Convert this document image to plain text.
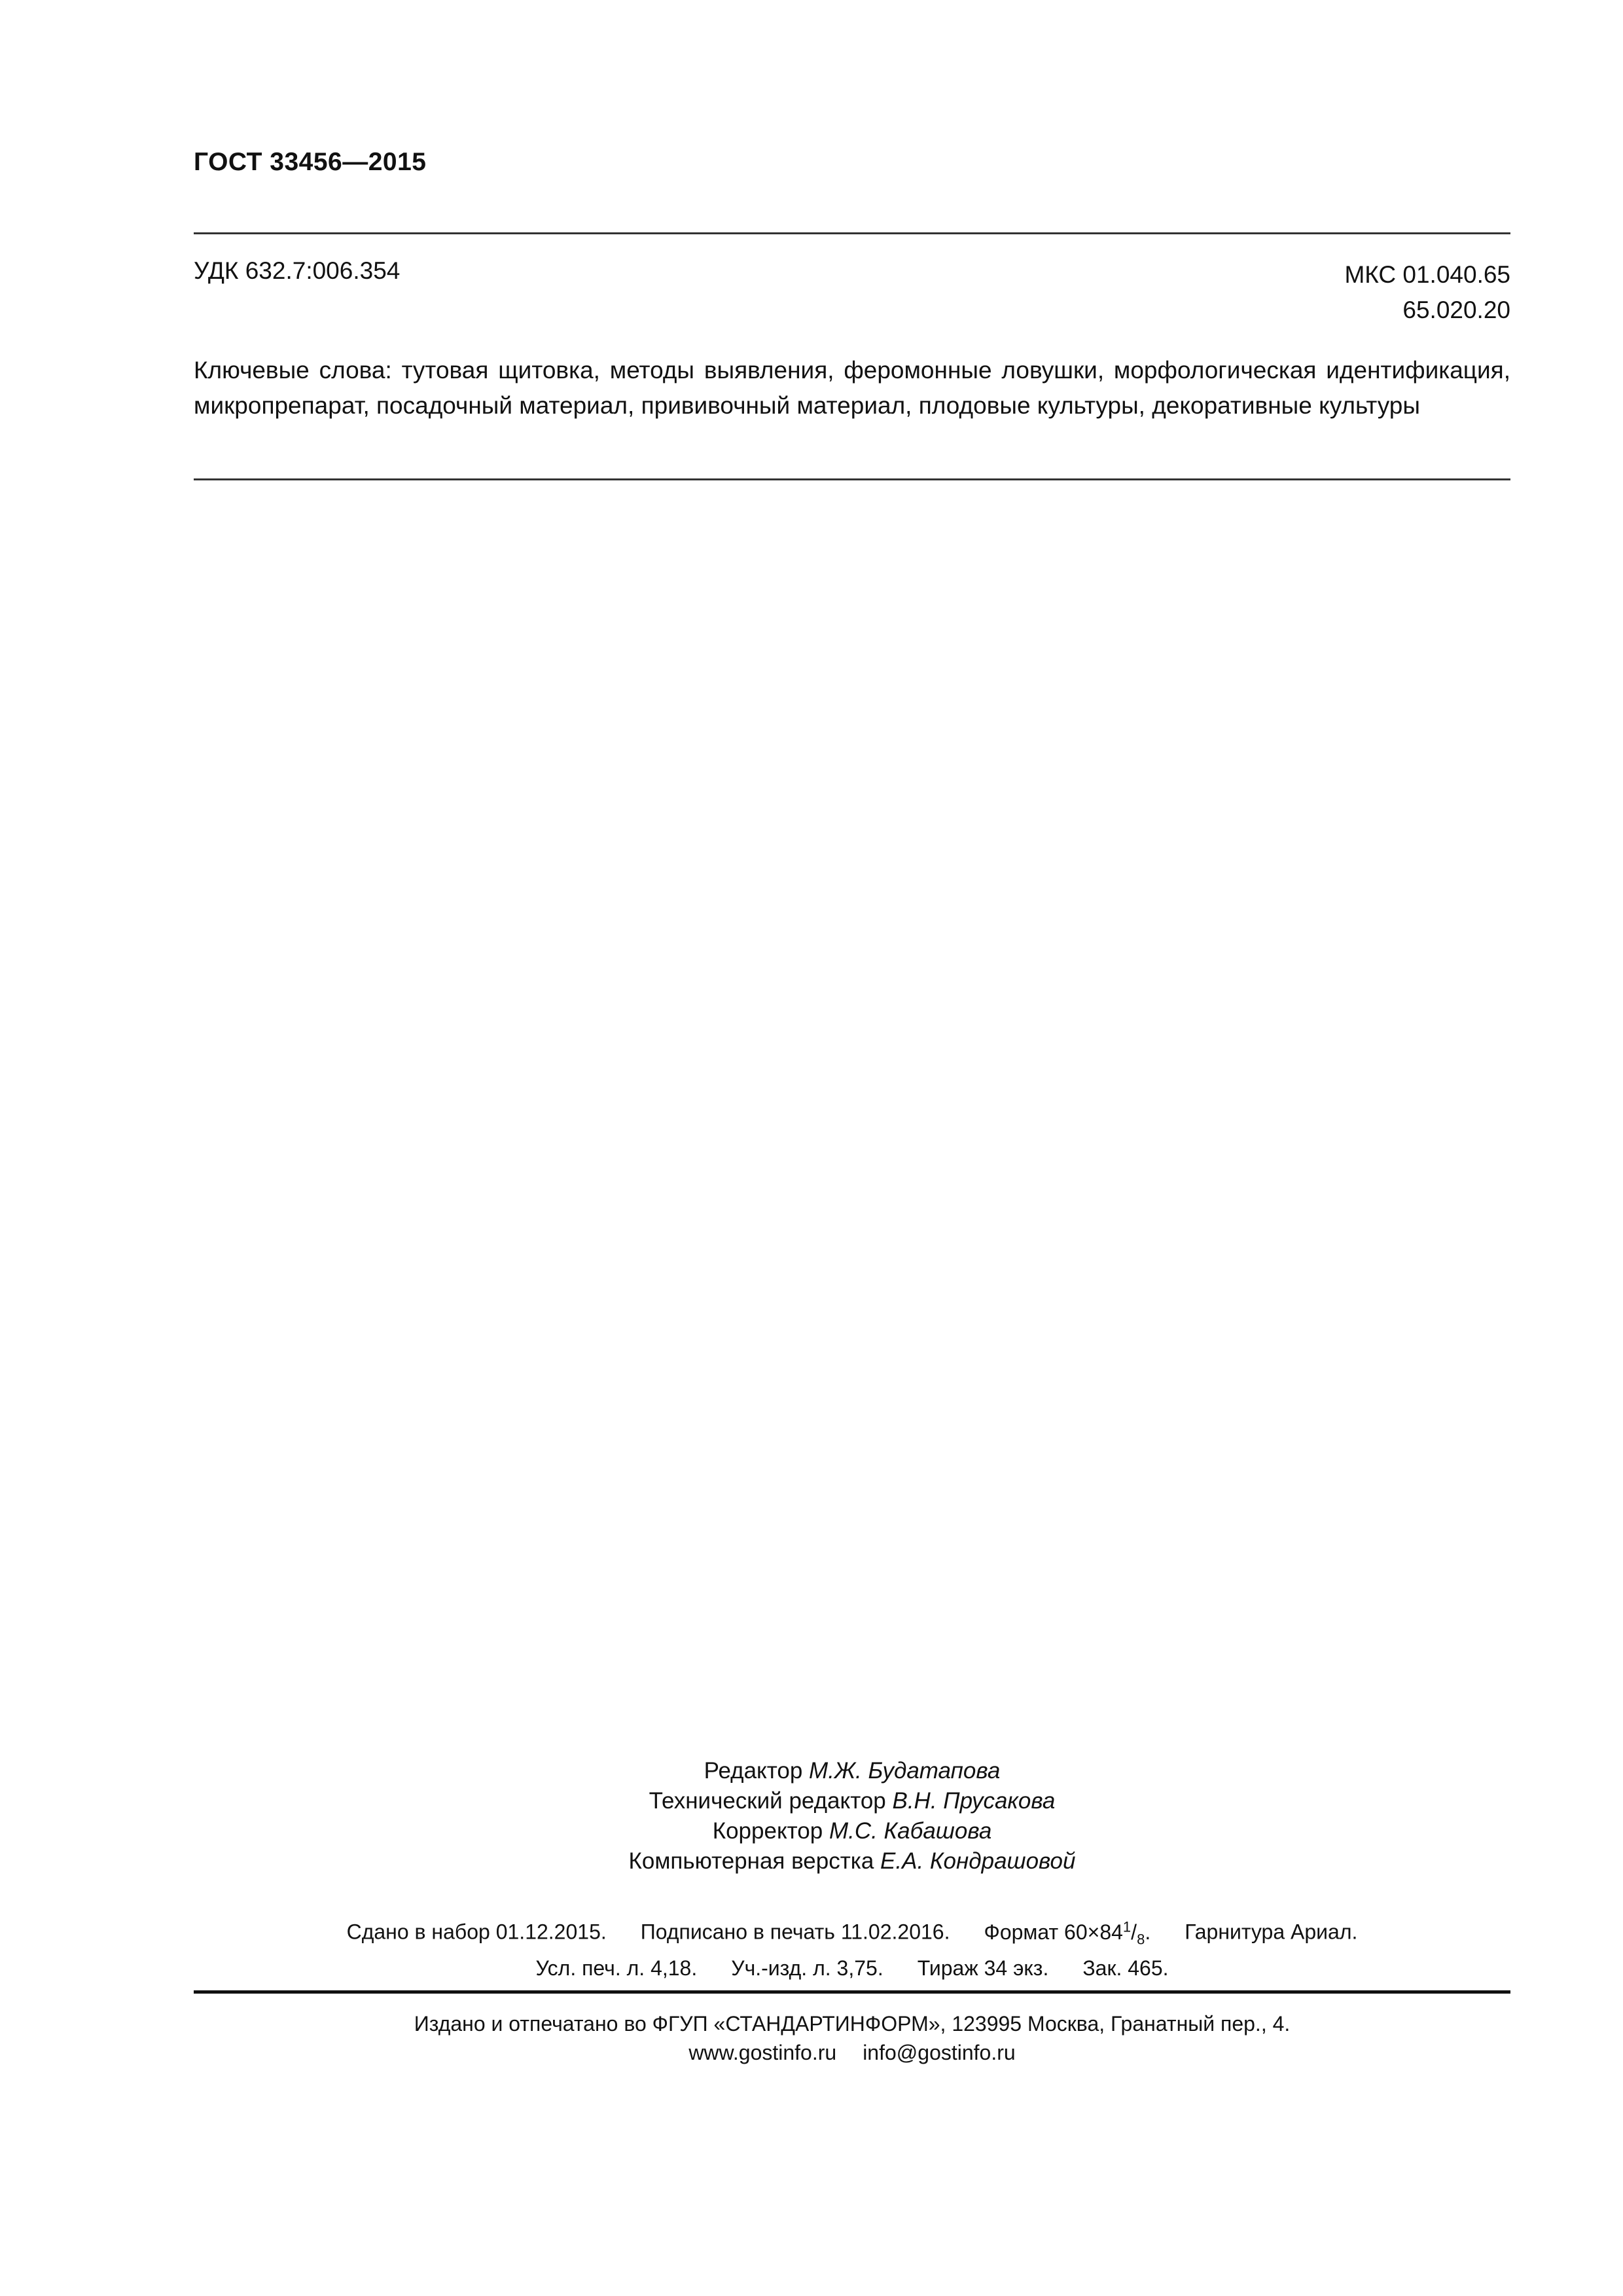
ГОСТ 33456—2015
УДК 632.7:006.354	МКС 01.040.65
65.020.20
Ключевые слова: тутовая щитовка, методы выявления, феромонные ловушки, морфологическая идентификация, микропрепарат, посадочный материал, прививочный материал, плодовые культуры, декоративные культуры
Редактор М.Ж. Будатапова
Технический редактор В.Н. Прусакова
Корректор М.С. Кабашова
Компьютерная верстка Е.А. Кондрашовой
Сдано в набор 01.12.2015. Подписано в печать 11.02.2016. Формат $60\times 84^1/_8$. Гарнитура Ариал.
Усл. печ. л. 4,18. Уч.-изд. л. 3,75. Тираж 34 экз. Зак. 465.
Издано и отпечатано во ФГУП «СТАНДАРТИНФОРМ», 123995 Москва, Гранатный пер., 4.
www.gostinfo.ru info@gostinfo.ru
